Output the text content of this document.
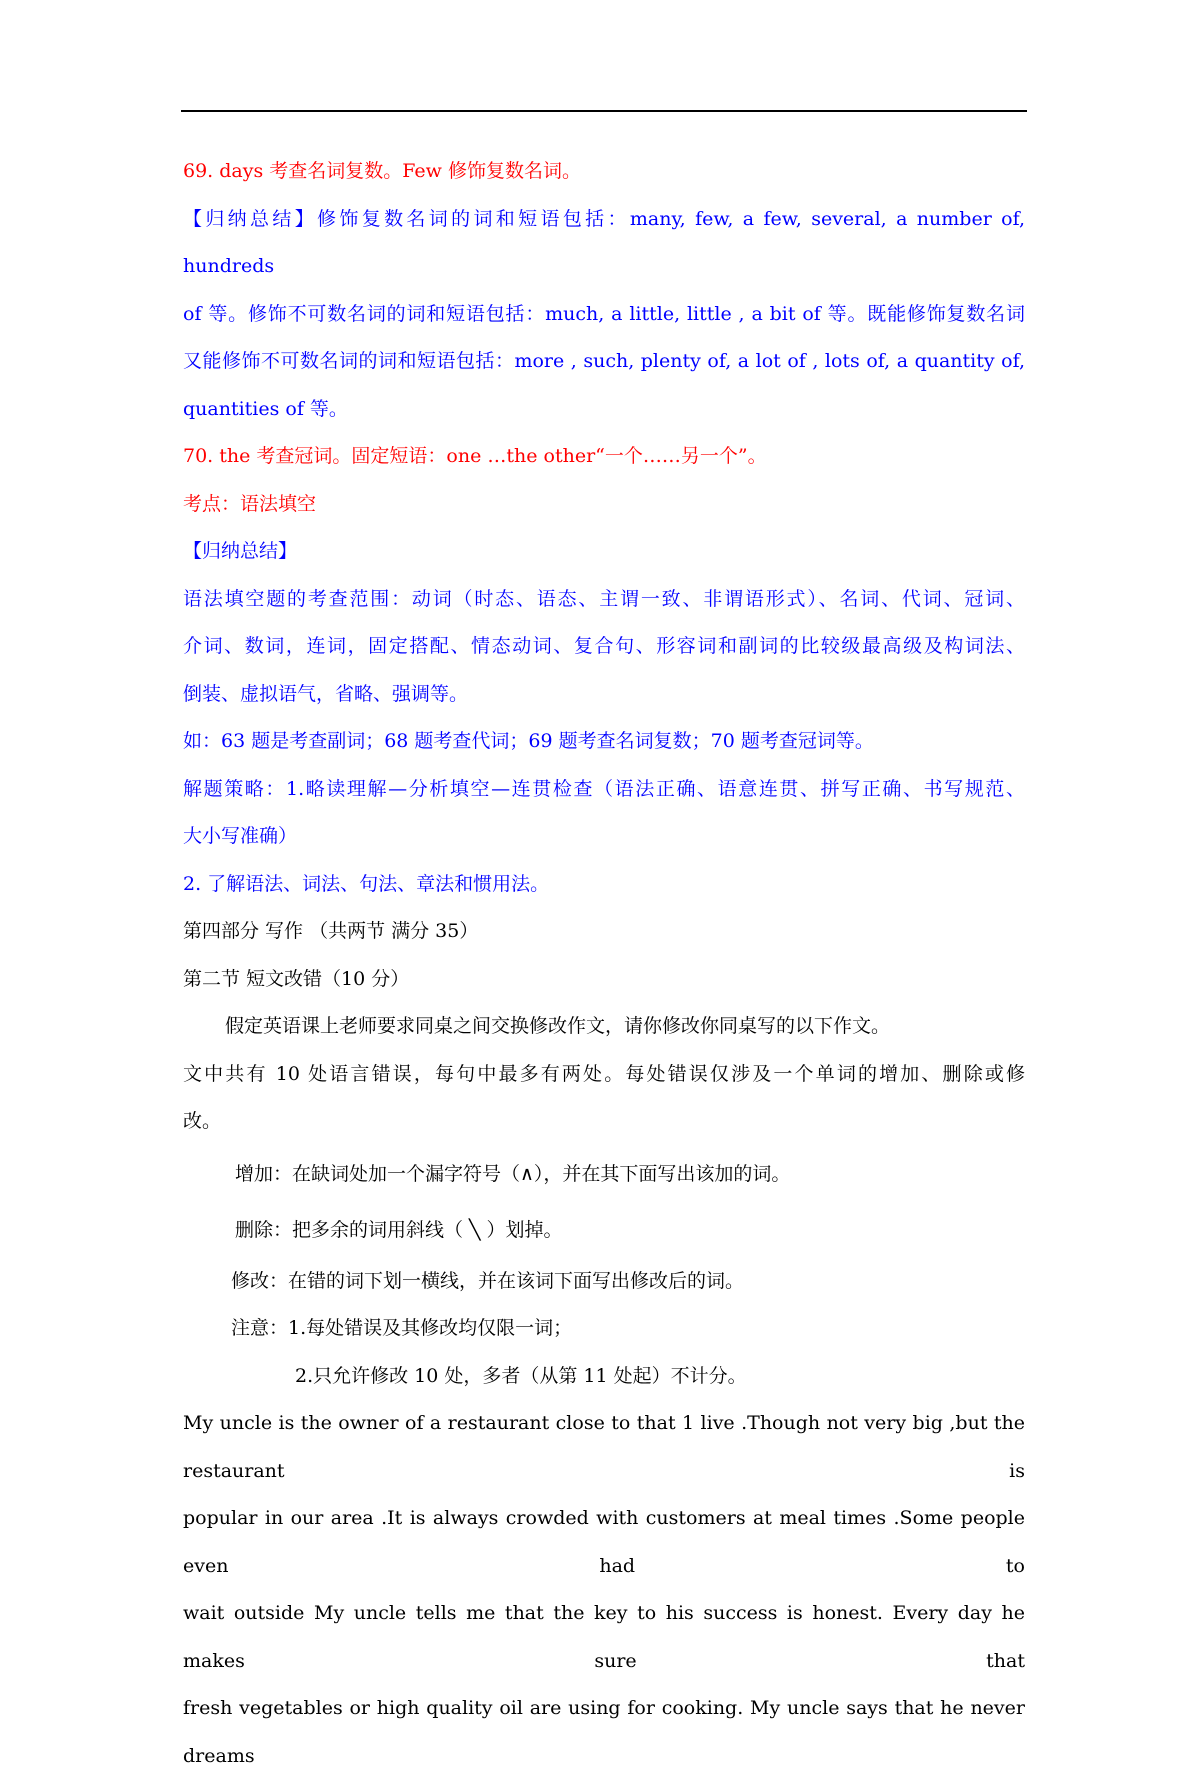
69. days 考查名词复数。Few 修饰复数名词。

【归纳总结】修饰复数名词的词和短语包括：many, few, a few, several, a number of, hundreds

of 等。修饰不可数名词的词和短语包括：much, a little, little , a bit of 等。既能修饰复数名词

又能修饰不可数名词的词和短语包括：more , such, plenty of, a lot of , lots of, a quantity of,

quantities of 等。

70. the 考查冠词。固定短语：one …the other“一个……另一个”。

考点：语法填空

【归纳总结】

语法填空题的考查范围：动词（时态、语态、主谓一致、非谓语形式）、名词、代词、冠词、

介词、数词，连词，固定搭配、情态动词、复合句、形容词和副词的比较级最高级及构词法、

倒装、虚拟语气，省略、强调等。

如：63 题是考查副词；68 题考查代词；69 题考查名词复数；70 题考查冠词等。

解题策略：1.略读理解—分析填空—连贯检查（语法正确、语意连贯、拼写正确、书写规范、

大小写准确）

2. 了解语法、词法、句法、章法和惯用法。

第四部分 写作 （共两节 满分 35）

第二节 短文改错（10 分）

假定英语课上老师要求同桌之间交换修改作文，请你修改你同桌写的以下作文。

文中共有 10 处语言错误，每句中最多有两处。每处错误仅涉及一个单词的增加、删除或修

改。

增加：在缺词处加一个漏字符号（∧），并在其下面写出该加的词。

删除：把多余的词用斜线（ ╲ ）划掉。

修改：在错的词下划一横线，并在该词下面写出修改后的词。

注意：1.每处错误及其修改均仅限一词；

2.只允许修改 10 处，多者（从第 11 处起）不计分。

My uncle is the owner of a restaurant close to that 1 live .Though not very big ,but the restaurant is

popular in our area .It is always crowded with customers at meal times .Some people even had to

wait outside My uncle tells me that the key to his success is honest. Every day he makes sure that

fresh vegetables or high quality oil are using for cooking. My uncle says that he never dreams
